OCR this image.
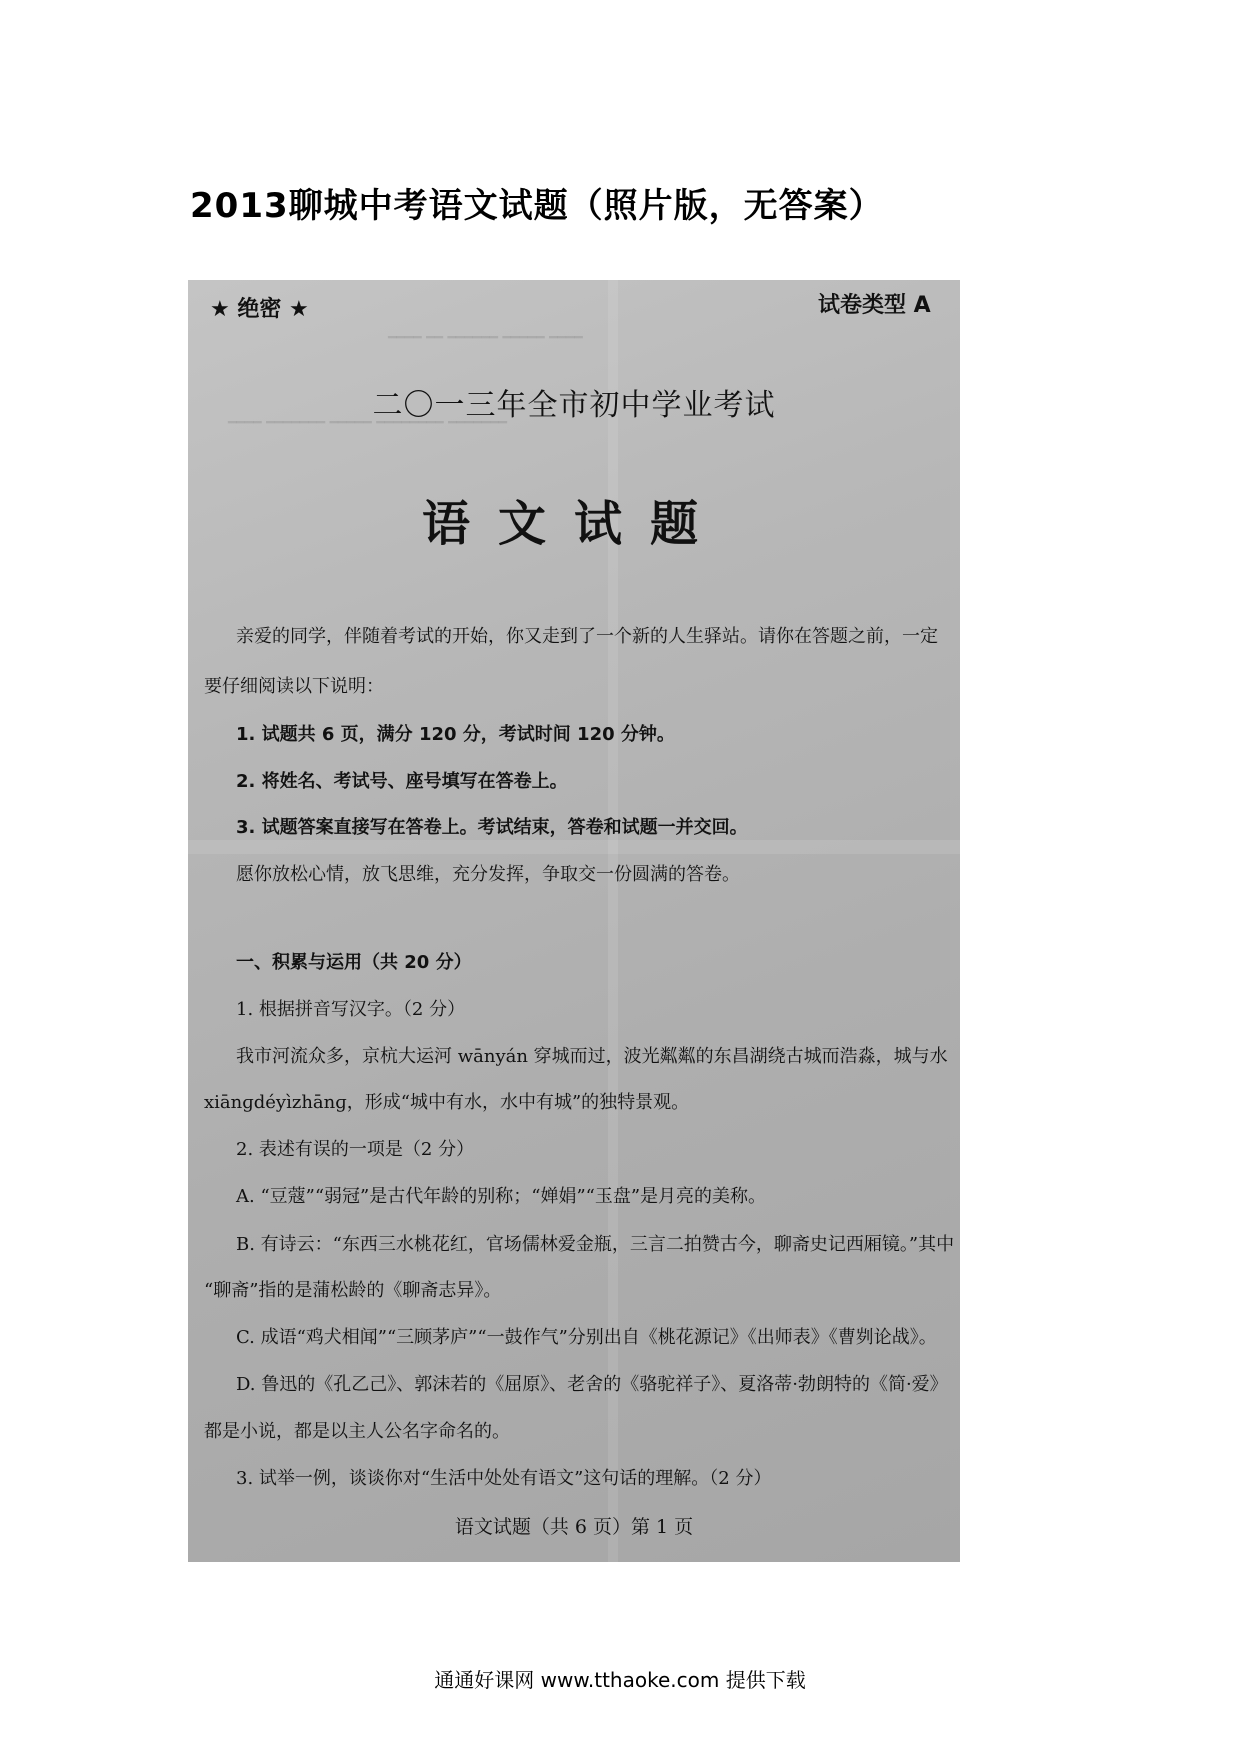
2013聊城中考语文试题（照片版，无答案）
━━━━ ━━ ━━━━━━ ━━━━━ ━━━━
━━━━ ━━━━━━━ ━━━━━ ━━━━━━━━ ━━━━━━━
★ 绝密 ★	试卷类型 A
二〇一三年全市初中学业考试
语文试题
亲爱的同学，伴随着考试的开始，你又走到了一个新的人生驿站。请你在答题之前，一定
要仔细阅读以下说明：
1. 试题共 6 页，满分 120 分，考试时间 120 分钟。
2. 将姓名、考试号、座号填写在答卷上。
3. 试题答案直接写在答卷上。考试结束，答卷和试题一并交回。
愿你放松心情，放飞思维，充分发挥，争取交一份圆满的答卷。
一、积累与运用（共 20 分）
1. 根据拼音写汉字。（2 分）
我市河流众多，京杭大运河 wānyán 穿城而过，波光粼粼的东昌湖绕古城而浩淼，城与水
xiānɡdéyìzhānɡ，形成“城中有水，水中有城”的独特景观。
2. 表述有误的一项是（2 分）
A. “豆蔻”“弱冠”是古代年龄的别称；“婵娟”“玉盘”是月亮的美称。
B. 有诗云：“东西三水桃花红，官场儒林爱金瓶，三言二拍赞古今，聊斋史记西厢镜。”其中
“聊斋”指的是蒲松龄的《聊斋志异》。
C. 成语“鸡犬相闻”“三顾茅庐”“一鼓作气”分别出自《桃花源记》《出师表》《曹刿论战》。
D. 鲁迅的《孔乙己》、郭沫若的《屈原》、老舍的《骆驼祥子》、夏洛蒂·勃朗特的《简·爱》
都是小说，都是以主人公名字命名的。
3. 试举一例，谈谈你对“生活中处处有语文”这句话的理解。（2 分）
语文试题（共 6 页）第 1 页
通通好课网 www.tthaoke.com 提供下载
